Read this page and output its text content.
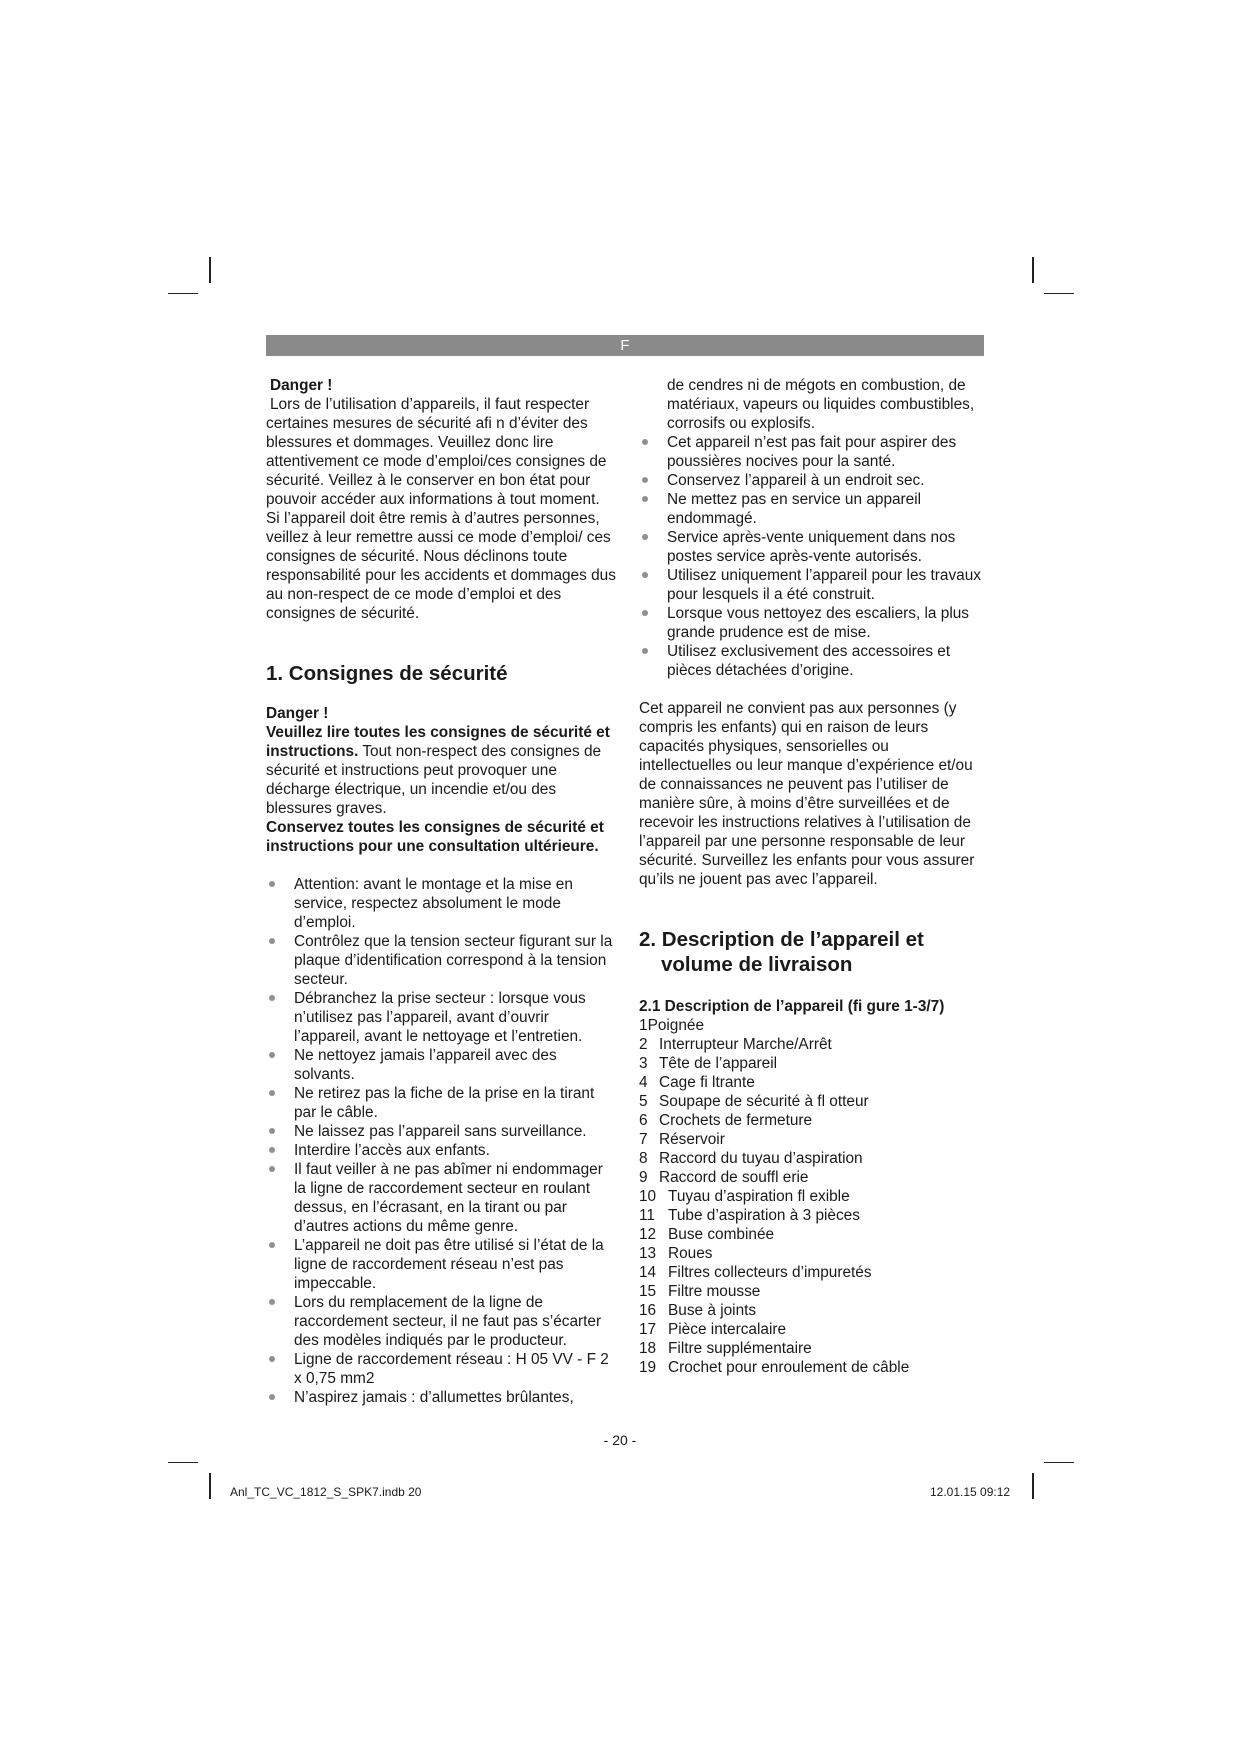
F

Danger !

Lors de l’utilisation d’appareils, il faut respecter certaines mesures de sécurité afi n d’éviter des blessures et dommages. Veuillez donc lire attentivement ce mode d’emploi/ces consignes de sécurité. Veillez à le conserver en bon état pour pouvoir accéder aux informations à tout moment. Si l’appareil doit être remis à d’autres personnes, veillez à leur remettre aussi ce mode d’emploi/ ces consignes de sécurité. Nous déclinons toute responsabilité pour les accidents et dommages dus au non-respect de ce mode d’emploi et des consignes de sécurité.

1. Consignes de sécurité

Danger !

Veuillez lire toutes les consignes de sécurité et instructions. Tout non-respect des consignes de sécurité et instructions peut provoquer une décharge électrique, un incendie et/ou des blessures graves.

Conservez toutes les consignes de sécurité et instructions pour une consultation ultérieure.

Attention: avant le montage et la mise en service, respectez absolument le mode d’emploi.
Contrôlez que la tension secteur figurant sur la plaque d’identification correspond à la tension secteur.
Débranchez la prise secteur : lorsque vous n’utilisez pas l’appareil, avant d’ouvrir l’appareil, avant le nettoyage et l’entretien.
Ne nettoyez jamais l’appareil avec des solvants.
Ne retirez pas la fiche de la prise en la tirant par le câble.
Ne laissez pas l’appareil sans surveillance.
Interdire l’accès aux enfants.
Il faut veiller à ne pas abîmer ni endommager la ligne de raccordement secteur en roulant dessus, en l’écrasant, en la tirant ou par d’autres actions du même genre.
L’appareil ne doit pas être utilisé si l’état de la ligne de raccordement réseau n’est pas impeccable.
Lors du remplacement de la ligne de raccordement secteur, il ne faut pas s’écarter des modèles indiqués par le producteur.
Ligne de raccordement réseau : H 05 VV - F 2 x 0,75 mm2
N’aspirez jamais : d’allumettes brûlantes,

de cendres ni de mégots en combustion, de matériaux, vapeurs ou liquides combustibles, corrosifs ou explosifs.

Cet appareil n’est pas fait pour aspirer des poussières nocives pour la santé.
Conservez l’appareil à un endroit sec.
Ne mettez pas en service un appareil endommagé.
Service après-vente uniquement dans nos postes service après-vente autorisés.
Utilisez uniquement l’appareil pour les travaux pour lesquels il a été construit.
Lorsque vous nettoyez des escaliers, la plus grande prudence est de mise.
Utilisez exclusivement des accessoires et pièces détachées d’origine.

Cet appareil ne convient pas aux personnes (y compris les enfants) qui en raison de leurs capacités physiques, sensorielles ou intellectuelles ou leur manque d’expérience et/ou de connaissances ne peuvent pas l’utiliser de manière sûre, à moins d’être surveillées et de recevoir les instructions relatives à l’utilisation de l’appareil par une personne responsable de leur sécurité. Surveillez les enfants pour vous assurer qu’ils ne jouent pas avec l’appareil.

2. Description de l’appareil et
volume de livraison
2.1 Description de l’appareil (fi gure 1-3/7)
1 Poignée
2 Interrupteur Marche/Arrêt
3 Tête de l’appareil
4 Cage fi ltrante
5 Soupape de sécurité à fl otteur
6 Crochets de fermeture
7 Réservoir
8 Raccord du tuyau d’aspiration
9 Raccord de souffl erie
10 Tuyau d’aspiration fl exible
11 Tube d’aspiration à 3 pièces
12 Buse combinée
13 Roues
14 Filtres collecteurs d’impuretés
15 Filtre mousse
16 Buse à joints
17 Pièce intercalaire
18 Filtre supplémentaire
19 Crochet pour enroulement de câble
- 20 -
Anl_TC_VC_1812_S_SPK7.indb 20	12.01.15 09:12
